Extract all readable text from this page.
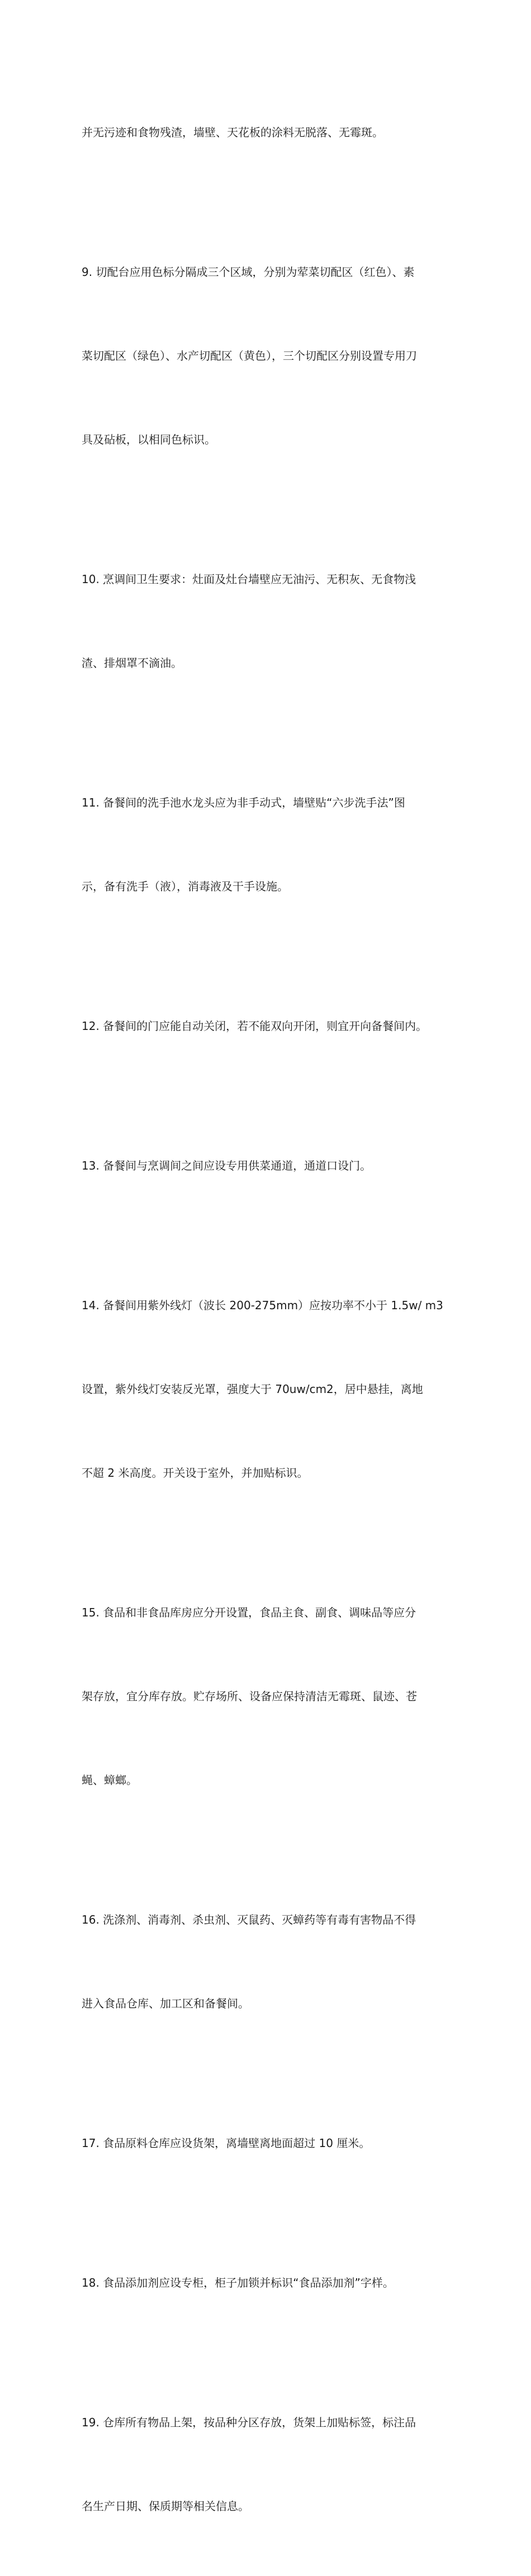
并无污迹和食物残渣，墙壁、天花板的涂料无脱落、无霉斑。

9. 切配台应用色标分隔成三个区域，分别为荤菜切配区（红色）、素

菜切配区（绿色）、水产切配区（黄色），三个切配区分别设置专用刀

具及砧板，以相同色标识。

10. 烹调间卫生要求：灶面及灶台墙壁应无油污、无积灰、无食物浅

渣、排烟罩不滴油。

11. 备餐间的洗手池水龙头应为非手动式，墙壁贴“六步洗手法”图

示，备有洗手（液），消毒液及干手设施。

12. 备餐间的门应能自动关闭，若不能双向开闭，则宜开向备餐间内。

13. 备餐间与烹调间之间应设专用供菜通道，通道口设门。

14. 备餐间用紫外线灯（波长 200-275mm）应按功率不小于 1.5w/ m3

设置，紫外线灯安装反光罩，强度大于 70uw/cm2，居中悬挂，离地

不超 2 米高度。开关设于室外，并加贴标识。

15. 食品和非食品库房应分开设置，食品主食、副食、调味品等应分

架存放，宜分库存放。贮存场所、设备应保持清洁无霉斑、鼠迹、苍

蝇、蟑螂。

16. 洗涤剂、消毒剂、杀虫剂、灭鼠药、灭蟑药等有毒有害物品不得

进入食品仓库、加工区和备餐间。

17. 食品原料仓库应设货架，离墙壁离地面超过 10 厘米。

18. 食品添加剂应设专柜，柜子加锁并标识“食品添加剂”字样。

19. 仓库所有物品上架，按品种分区存放，货架上加贴标签，标注品

名生产日期、保质期等相关信息。
